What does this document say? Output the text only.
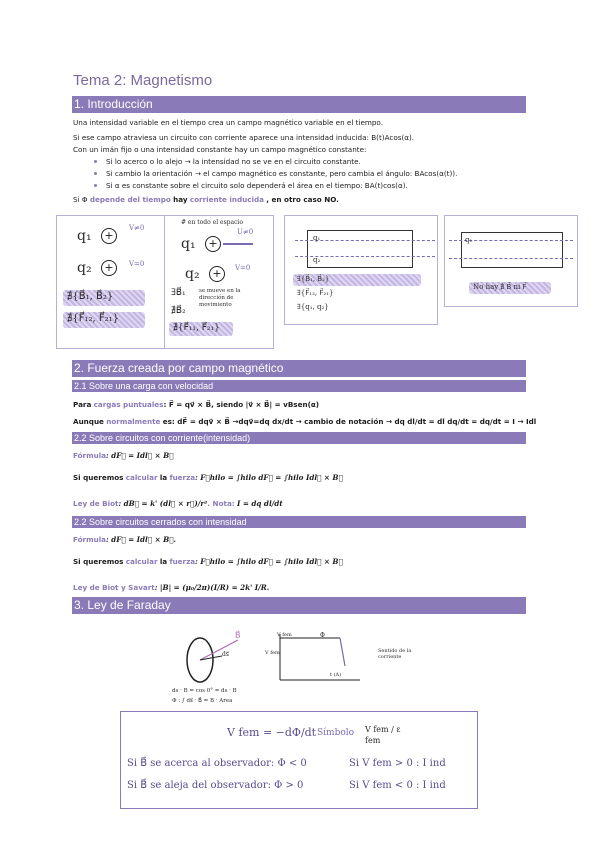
Tema 2: Magnetismo
1. Introducción
Una intensidad variable en el tiempo crea un campo magnético variable en el tiempo.
Si ese campo atraviesa un circuito con corriente aparece una intensidad inducida: B(t)Acos(α).
Con un imán fijo o una intensidad constante hay un campo magnético constante:
Si lo acerco o lo alejo → la intensidad no se ve en el circuito constante.
Si cambio la orientación → el campo magnético es constante, pero cambia el ángulo: BAcos(α(t)).
Si α es constante sobre el circuito solo dependerá el área en el tiempo: BA(t)cos(α).
Si Φ depende del tiempo hay corriente inducida , en otro caso NO.
q₁	+
V≠0
q₂	+	V=0
∄{B⃗₁, B⃗₂}
∄{F⃗₁₂, F⃗₂₁}
# en todo el espacio
q₁	+
U≠0
q₂	+	V=0
∃B⃗₁ se mueve en la dirección de movimiento
∄B⃗₂
∄{F⃗₁₁, F⃗₂₁}
q₁
q₂
∃{B⃗₁, B⃗₂}
∃{F⃗₁₂, F⃗₂₁}
∃{q₁, q₂}
q₁
No hay ∄ B⃗ ni F⃗
2. Fuerza creada por campo magnético
2.1 Sobre una carga con velocidad
Para cargas puntuales: F⃗ = qv⃗ × B⃗, siendo |v⃗ × B⃗| = vBsen(α)
Aunque normalmente es: dF⃗ = dqv⃗ × B⃗ →dqv⃗=dq dx/dt → cambio de notación → dq dl/dt = dl dq/dt = dq/dt = I → Idl
2.2 Sobre circuitos con corriente(intensidad)
Fórmula: dF⃗ = Idl⃗ × B⃗
Si queremos calcular la fuerza: F⃗hilo = ∫hilo dF⃗ = ∫hilo Idl⃗ × B⃗
Ley de Biot: dB⃗ = k' (dl⃗ × r⃗)/r². Nota: I = dq dl/dt
2.2 Sobre circuitos cerrados con intensidad
Fórmula: dF⃗ = Idl⃗ × B⃗.
Si queremos calcular la fuerza: F⃗hilo = ∫hilo dF⃗ = ∫hilo Idl⃗ × B⃗
Ley de Biot y Savart: |B| = (μ₀/2π)(I/R) = 2k' I/R.
3. Ley de Faraday
B⃗
ds⃗
ds · B = cos 0° = ds · B
Φ : ∫ ds⃗ · B⃗ = B · Area
V fem
V fem
Φ
Sentido de la corriente
t (Δ)
V fem = −dΦ/dt Símbolo V fem / ε fem
Si B⃗ se acerca al observador: Φ < 0	Si V fem > 0 : I ind
Si B⃗ se aleja del observador: Φ > 0	Si V fem < 0 : I ind
